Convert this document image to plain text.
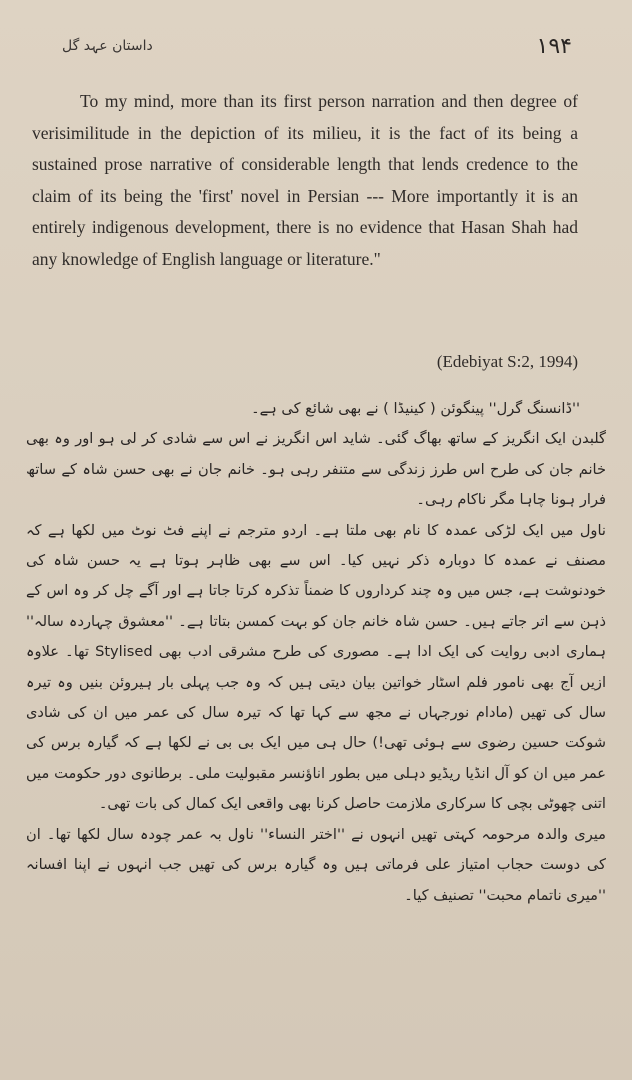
داستان عہد گل	۱۹۴

To my mind, more than its first person narration and then degree of verisimilitude in the depiction of its milieu, it is the fact of its being a sustained prose narrative of considerable length that lends credence to the claim of its being the 'first' novel in Persian --- More importantly it is an entirely indigenous development, there is no evidence that Hasan Shah had any knowledge of English language or literature."

(Edebiyat S:2, 1994)

''ڈانسنگ گرل'' پینگوئن ( کینیڈا ) نے بھی شائع کی ہے۔

گلبدن ایک انگریز کے ساتھ بھاگ گئی۔ شاید اس انگریز نے اس سے شادی کر لی ہو اور وہ بھی خانم جان کی طرح اس طرز زندگی سے متنفر رہی ہو۔ خانم جان نے بھی حسن شاہ کے ساتھ فرار ہونا چاہا مگر ناکام رہی۔

ناول میں ایک لڑکی عمدہ کا نام بھی ملتا ہے۔ اردو مترجم نے اپنے فٹ نوٹ میں لکھا ہے کہ مصنف نے عمدہ کا دوبارہ ذکر نہیں کیا۔ اس سے بھی ظاہر ہوتا ہے یہ حسن شاہ کی خودنوشت ہے، جس میں وہ چند کرداروں کا ضمناً تذکرہ کرتا جاتا ہے اور آگے چل کر وہ اس کے ذہن سے اتر جاتے ہیں۔ حسن شاہ خانم جان کو بہت کمسن بتاتا ہے۔ ''معشوق چہاردہ سالہ'' ہماری ادبی روایت کی ایک ادا ہے۔ مصوری کی طرح مشرقی ادب بھی Stylised تھا۔ علاوہ ازیں آج بھی نامور فلم اسٹار خواتین بیان دیتی ہیں کہ وہ جب پہلی بار ہیروئن بنیں وہ تیرہ سال کی تھیں (مادام نورجہاں نے مجھ سے کہا تھا کہ تیرہ سال کی عمر میں ان کی شادی شوکت حسین رضوی سے ہوئی تھی!) حال ہی میں ایک بی بی نے لکھا ہے کہ گیارہ برس کی عمر میں ان کو آل انڈیا ریڈیو دہلی میں بطور اناؤنسر مقبولیت ملی۔ برطانوی دور حکومت میں اتنی چھوٹی بچی کا سرکاری ملازمت حاصل کرنا بھی واقعی ایک کمال کی بات تھی۔

میری والدہ مرحومہ کہتی تھیں انہوں نے ''اختر النساء'' ناول بہ عمر چودہ سال لکھا تھا۔ ان کی دوست حجاب امتیاز علی فرماتی ہیں وہ گیارہ برس کی تھیں جب انہوں نے اپنا افسانہ ''میری ناتمام محبت'' تصنیف کیا۔
